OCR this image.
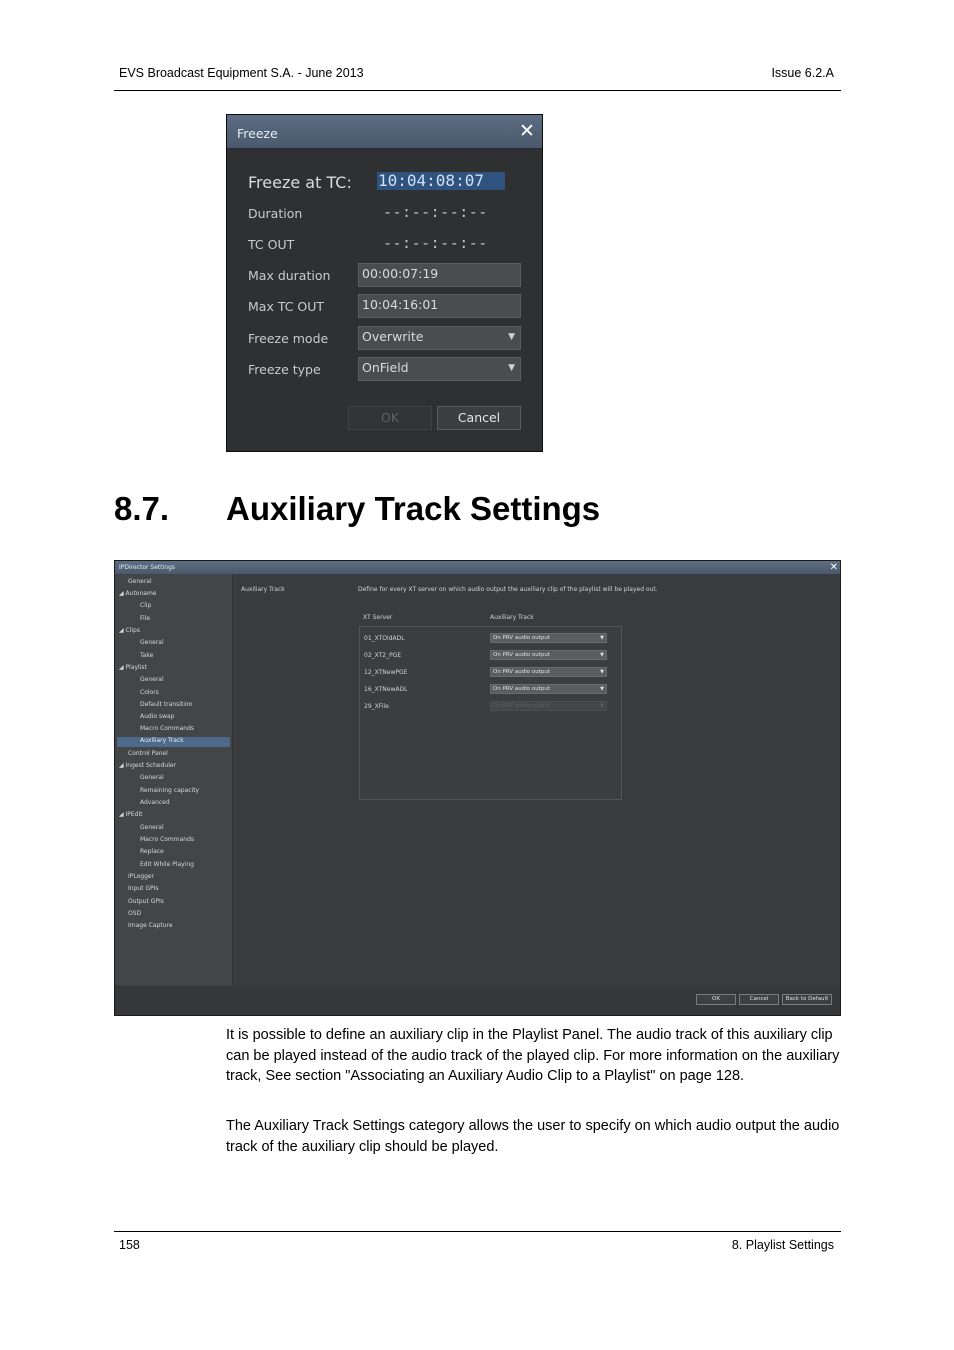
EVS Broadcast Equipment S.A. - June 2013	Issue 6.2.A
Freeze	✕
Freeze at TC: 10:04:08:07
Duration	--:--:--:--
TC OUT	--:--:--:--
Max duration	00:00:07:19
Max TC OUT	10:04:16:01
Freeze mode	Overwrite	▼
Freeze type	OnField	▼
OK	Cancel
8.7. Auxiliary Track Settings
IPDirector Settings	✕
General
◢ Autoname
Clip
File
◢ Clips
General
Take
◢ Playlist
General
Colors
Default transition
Audio swap
Macro Commands
Auxiliary Track
Control Panel
◢ Ingest Scheduler
General
Remaining capacity
Advanced
◢ IPEdit
General
Macro Commands
Replace
Edit While Playing
IPLogger
Input GPIs
Output GPIs
OSD
Image Capture
Auxiliary Track	Define for every XT server on which audio output the auxiliary clip of the playlist will be played out.
XT Server	Auxiliary Track
01_XTOldADL	On PRV audio output	▼
02_XT2_PGE	On PRV audio output	▼
12_XTNewPGE	On PRV audio output	▼
16_XTNewADL	On PRV audio output	▼
29_XFile	On PRV audio output	▼
OK	Cancel	Back to Default

It is possible to define an auxiliary clip in the Playlist Panel. The audio track of this auxiliary clip can be played instead of the audio track of the played clip. For more information on the auxiliary track, See section "Associating an Auxiliary Audio Clip to a Playlist" on page 128.

The Auxiliary Track Settings category allows the user to specify on which audio output the audio track of the auxiliary clip should be played.

158	8. Playlist Settings
